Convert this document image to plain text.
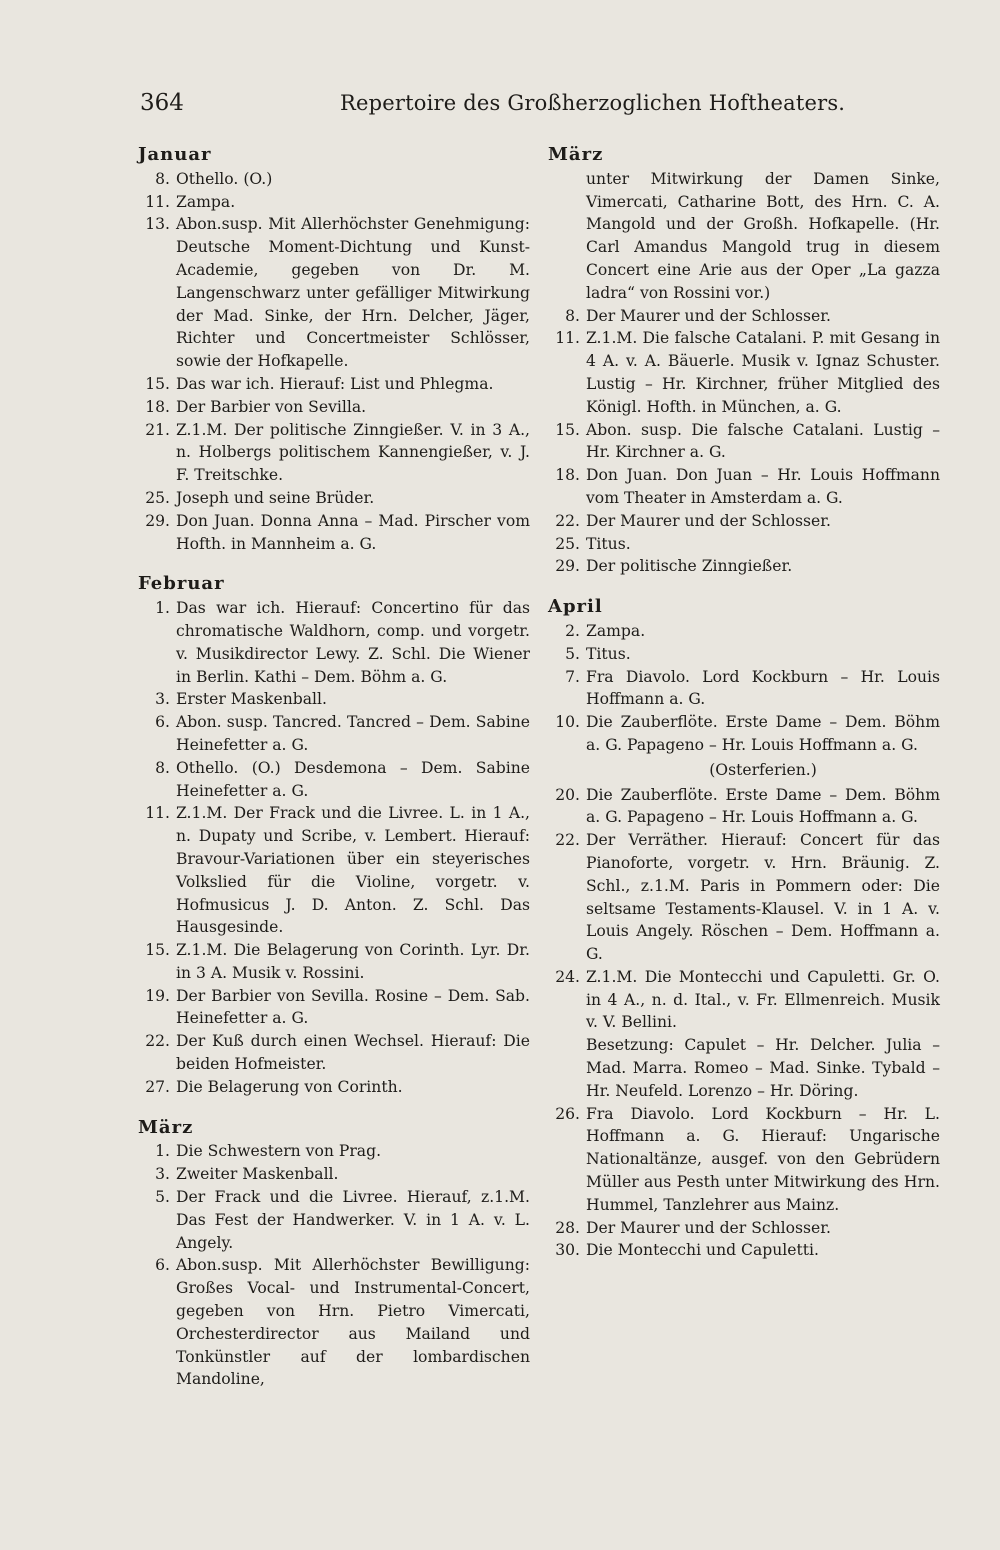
364	Repertoire des Großherzoglichen Hoftheaters.
Januar
8. Othello. (O.)
11. Zampa.
13. Abon.susp. Mit Allerhöchster Genehmigung: Deutsche Moment-Dichtung und Kunst-Academie, gegeben von Dr. M. Langenschwarz unter gefälliger Mitwirkung der Mad. Sinke, der Hrn. Delcher, Jäger, Richter und Concertmeister Schlösser, sowie der Hofkapelle.
15. Das war ich. Hierauf: List und Phlegma.
18. Der Barbier von Sevilla.
21. Z.1.M. Der politische Zinngießer. V. in 3 A., n. Holbergs politischem Kannengießer, v. J. F. Treitschke.
25. Joseph und seine Brüder.
29. Don Juan. Donna Anna – Mad. Pirscher vom Hofth. in Mannheim a. G.
Februar
1. Das war ich. Hierauf: Concertino für das chromatische Waldhorn, comp. und vorgetr. v. Musikdirector Lewy. Z. Schl. Die Wiener in Berlin. Kathi – Dem. Böhm a. G.
3. Erster Maskenball.
6. Abon. susp. Tancred. Tancred – Dem. Sabine Heinefetter a. G.
8. Othello. (O.) Desdemona – Dem. Sabine Heinefetter a. G.
11. Z.1.M. Der Frack und die Livree. L. in 1 A., n. Dupaty und Scribe, v. Lembert. Hierauf: Bravour-Variationen über ein steyerisches Volkslied für die Violine, vorgetr. v. Hofmusicus J. D. Anton. Z. Schl. Das Hausgesinde.
15. Z.1.M. Die Belagerung von Corinth. Lyr. Dr. in 3 A. Musik v. Rossini.
19. Der Barbier von Sevilla. Rosine – Dem. Sab. Heinefetter a. G.
22. Der Kuß durch einen Wechsel. Hierauf: Die beiden Hofmeister.
27. Die Belagerung von Corinth.
März
1. Die Schwestern von Prag.
3. Zweiter Maskenball.
5. Der Frack und die Livree. Hierauf, z.1.M. Das Fest der Handwerker. V. in 1 A. v. L. Angely.
6. Abon.susp. Mit Allerhöchster Bewilligung: Großes Vocal- und Instrumental-Concert, gegeben von Hrn. Pietro Vimercati, Orchesterdirector aus Mailand und Tonkünstler auf der lombardischen Mandoline,
März
unter Mitwirkung der Damen Sinke, Vimercati, Catharine Bott, des Hrn. C. A. Mangold und der Großh. Hofkapelle. (Hr. Carl Amandus Mangold trug in diesem Concert eine Arie aus der Oper „La gazza ladra“ von Rossini vor.)
8. Der Maurer und der Schlosser.
11. Z.1.M. Die falsche Catalani. P. mit Gesang in 4 A. v. A. Bäuerle. Musik v. Ignaz Schuster. Lustig – Hr. Kirchner, früher Mitglied des Königl. Hofth. in München, a. G.
15. Abon. susp. Die falsche Catalani. Lustig – Hr. Kirchner a. G.
18. Don Juan. Don Juan – Hr. Louis Hoffmann vom Theater in Amsterdam a. G.
22. Der Maurer und der Schlosser.
25. Titus.
29. Der politische Zinngießer.
April
2. Zampa.
5. Titus.
7. Fra Diavolo. Lord Kockburn – Hr. Louis Hoffmann a. G.
10. Die Zauberflöte. Erste Dame – Dem. Böhm a. G. Papageno – Hr. Louis Hoffmann a. G.
(Osterferien.)
20. Die Zauberflöte. Erste Dame – Dem. Böhm a. G. Papageno – Hr. Louis Hoffmann a. G.
22. Der Verräther. Hierauf: Concert für das Pianoforte, vorgetr. v. Hrn. Bräunig. Z. Schl., z.1.M. Paris in Pommern oder: Die seltsame Testaments-Klausel. V. in 1 A. v. Louis Angely. Röschen – Dem. Hoffmann a. G.
24. Z.1.M. Die Montecchi und Capuletti. Gr. O. in 4 A., n. d. Ital., v. Fr. Ellmenreich. Musik v. V. Bellini.
Besetzung: Capulet – Hr. Delcher. Julia – Mad. Marra. Romeo – Mad. Sinke. Tybald – Hr. Neufeld. Lorenzo – Hr. Döring.
26. Fra Diavolo. Lord Kockburn – Hr. L. Hoffmann a. G. Hierauf: Ungarische Nationaltänze, ausgef. von den Gebrüdern Müller aus Pesth unter Mitwirkung des Hrn. Hummel, Tanzlehrer aus Mainz.
28. Der Maurer und der Schlosser.
30. Die Montecchi und Capuletti.
